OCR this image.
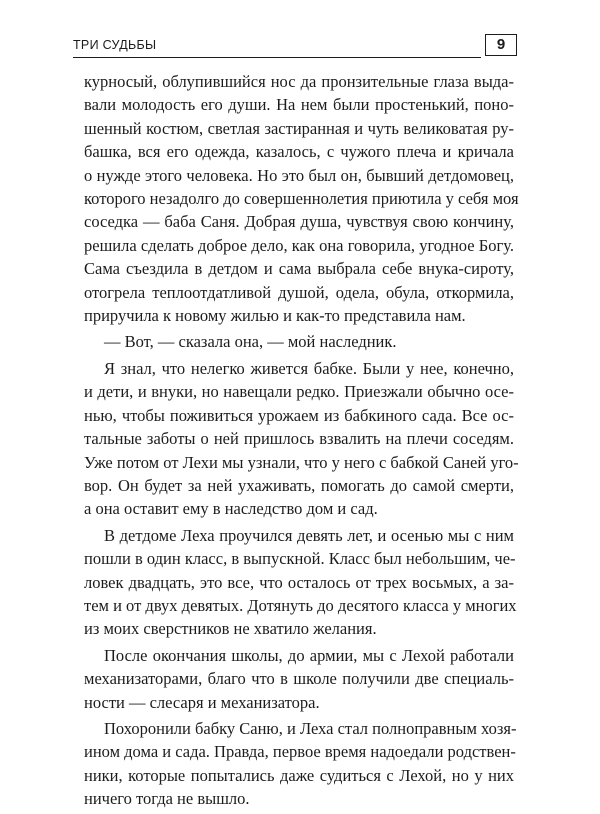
ТРИ СУДЬБЫ	9

курносый, облупившийся нос да пронзительные глаза выда-
вали молодость его души. На нем были простенький, поно-
шенный костюм, светлая застиранная и чуть великоватая ру-
башка, вся его одежда, казалось, с чужого плеча и кричала
о нужде этого человека. Но это был он, бывший детдомовец,
которого незадолго до совершеннолетия приютила у себя моя
соседка — баба Саня. Добрая душа, чувствуя свою кончину,
решила сделать доброе дело, как она говорила, угодное Богу.
Сама съездила в детдом и сама выбрала себе внука-сироту,
отогрела теплоотдатливой душой, одела, обула, откормила,
приручила к новому жилью и как-то представила нам.

— Вот, — сказала она, — мой наследник.

Я знал, что нелегко живется бабке. Были у нее, конечно,
и дети, и внуки, но навещали редко. Приезжали обычно осе-
нью, чтобы поживиться урожаем из бабкиного сада. Все ос-
тальные заботы о ней пришлось взвалить на плечи соседям.
Уже потом от Лехи мы узнали, что у него с бабкой Саней уго-
вор. Он будет за ней ухаживать, помогать до самой смерти,
а она оставит ему в наследство дом и сад.

В детдоме Леха проучился девять лет, и осенью мы с ним
пошли в один класс, в выпускной. Класс был небольшим, че-
ловек двадцать, это все, что осталось от трех восьмых, а за-
тем и от двух девятых. Дотянуть до десятого класса у многих
из моих сверстников не хватило желания.

После окончания школы, до армии, мы с Лехой работали
механизаторами, благо что в школе получили две специаль-
ности — слесаря и механизатора.

Похоронили бабку Саню, и Леха стал полноправным хозя-
ином дома и сада. Правда, первое время надоедали родствен-
ники, которые попытались даже судиться с Лехой, но у них
ничего тогда не вышло.
